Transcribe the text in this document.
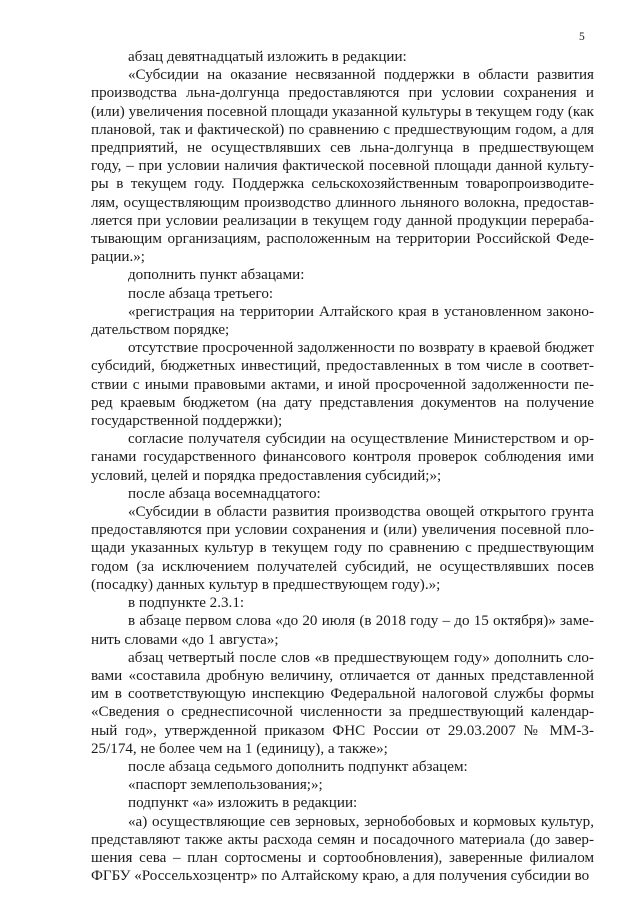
5

абзац девятнадцатый изложить в редакции:

«Субсидии на оказание несвязанной поддержки в области развития производства льна-долгунца предоставляются при условии сохранения и (или) увеличения посевной площади указанной культуры в текущем году (как плановой, так и фактической) по сравнению с предшествующим годом, а для предприятий, не осуществлявших сев льна-долгунца в предшествующем году, – при условии наличия фактической посевной площади данной культуры в текущем году. Поддержка сельскохозяйственным товаропроизводителям, осуществляющим производство длинного льняного волокна, предоставляется при условии реализации в текущем году данной продукции перерабатывающим организациям, расположенным на территории Российской Федерации.»;

дополнить пункт абзацами:

после абзаца третьего:

«регистрация на территории Алтайского края в установленном законодательством порядке;

отсутствие просроченной задолженности по возврату в краевой бюджет субсидий, бюджетных инвестиций, предоставленных в том числе в соответствии с иными правовыми актами, и иной просроченной задолженности перед краевым бюджетом (на дату представления документов на получение государственной поддержки);

согласие получателя субсидии на осуществление Министерством и органами государственного финансового контроля проверок соблюдения ими условий, целей и порядка предоставления субсидий;»;

после абзаца восемнадцатого:

«Субсидии в области развития производства овощей открытого грунта предоставляются при условии сохранения и (или) увеличения посевной площади указанных культур в текущем году по сравнению с предшествующим годом (за исключением получателей субсидий, не осуществлявших посев (посадку) данных культур в предшествующем году).»;

в подпункте 2.3.1:

в абзаце первом слова «до 20 июля (в 2018 году – до 15 октября)» заменить словами «до 1 августа»;

абзац четвертый после слов «в предшествующем году» дополнить словами «составила дробную величину, отличается от данных представленной им в соответствующую инспекцию Федеральной налоговой службы формы «Сведения о среднесписочной численности за предшествующий календарный год», утвержденной приказом ФНС России от 29.03.2007 № ММ-3-25/174, не более чем на 1 (единицу), а также»;

после абзаца седьмого дополнить подпункт абзацем:

«паспорт землепользования;»;

подпункт «а» изложить в редакции:

«а) осуществляющие сев зерновых, зернобобовых и кормовых культур, представляют также акты расхода семян и посадочного материала (до завершения сева – план сортосмены и сортообновления), заверенные филиалом ФГБУ «Россельхозцентр» по Алтайскому краю, а для получения субсидии во
